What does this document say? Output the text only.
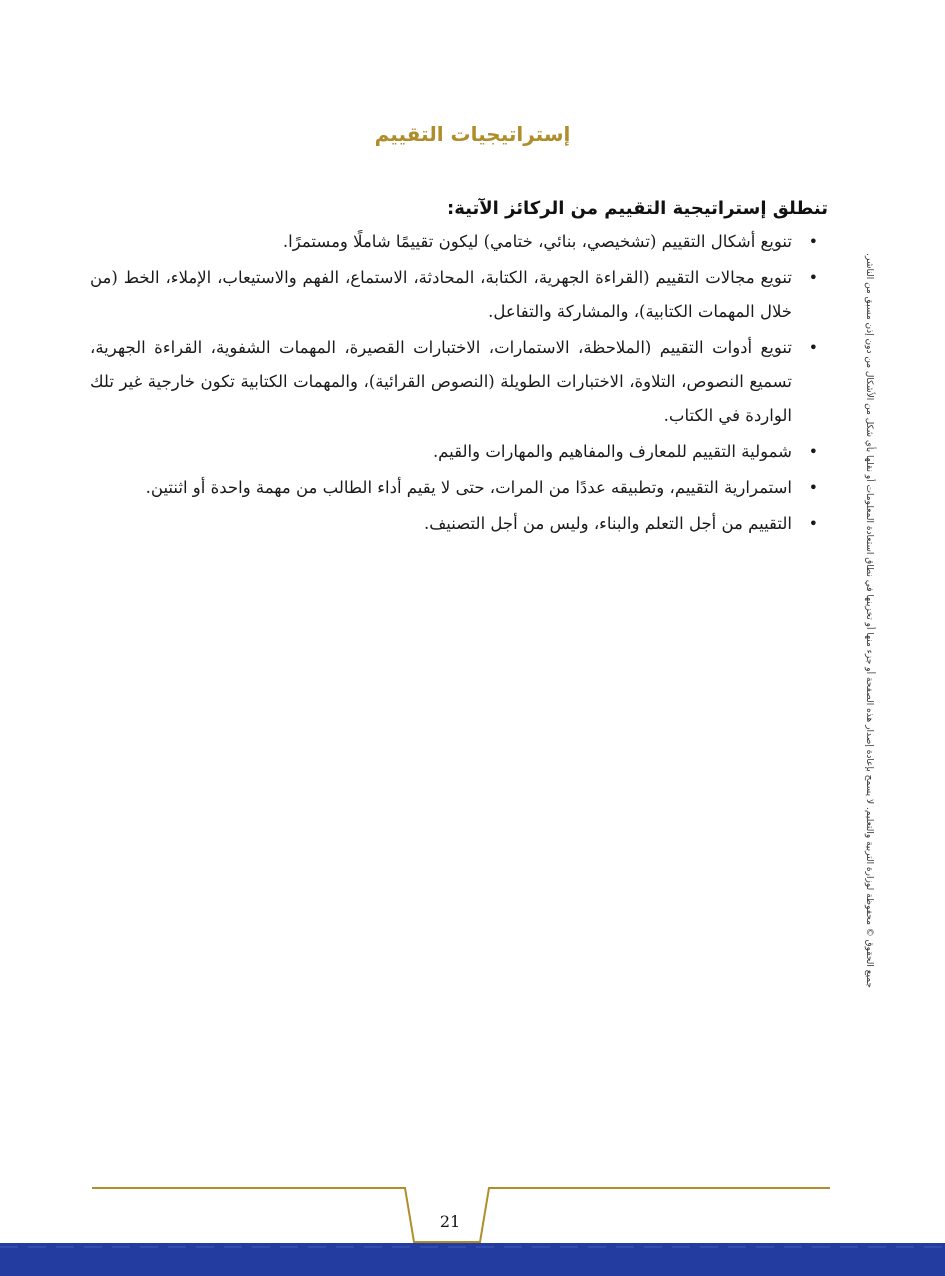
إستراتيجيات التقييم
تنطلق إستراتيجية التقييم من الركائز الآتية:
•
تنويع أشكال التقييم (تشخيصي، بنائي، ختامي) ليكون تقييمًا شاملًا ومستمرًا.
•
تنويع مجالات التقييم (القراءة الجهرية، الكتابة، المحادثة، الاستماع، الفهم والاستيعاب، الإملاء، الخط (من خلال المهمات الكتابية)، والمشاركة والتفاعل.
•
تنويع أدوات التقييم (الملاحظة، الاستمارات، الاختبارات القصيرة، المهمات الشفوية، القراءة الجهرية، تسميع النصوص، التلاوة، الاختبارات الطويلة (النصوص القرائية)، والمهمات الكتابية تكون خارجية غير تلك الواردة في الكتاب.
•
شمولية التقييم للمعارف والمفاهيم والمهارات والقيم.
•
استمرارية التقييم، وتطبيقه عددًا من المرات، حتى لا يقيم أداء الطالب من مهمة واحدة أو اثنتين.
•
التقييم من أجل التعلم والبناء، وليس من أجل التصنيف.	جميع الحقوق © محفوظة لوزارة التربية والتعليم. لا يسمح بإعادة إصدار هذه الصفحة أو جزء منها أو تخزينها في نطاق استعادة المعلومات أو نقلها بأي شكل من الأشكال من دون إذن مسبق من الناشر.
21
